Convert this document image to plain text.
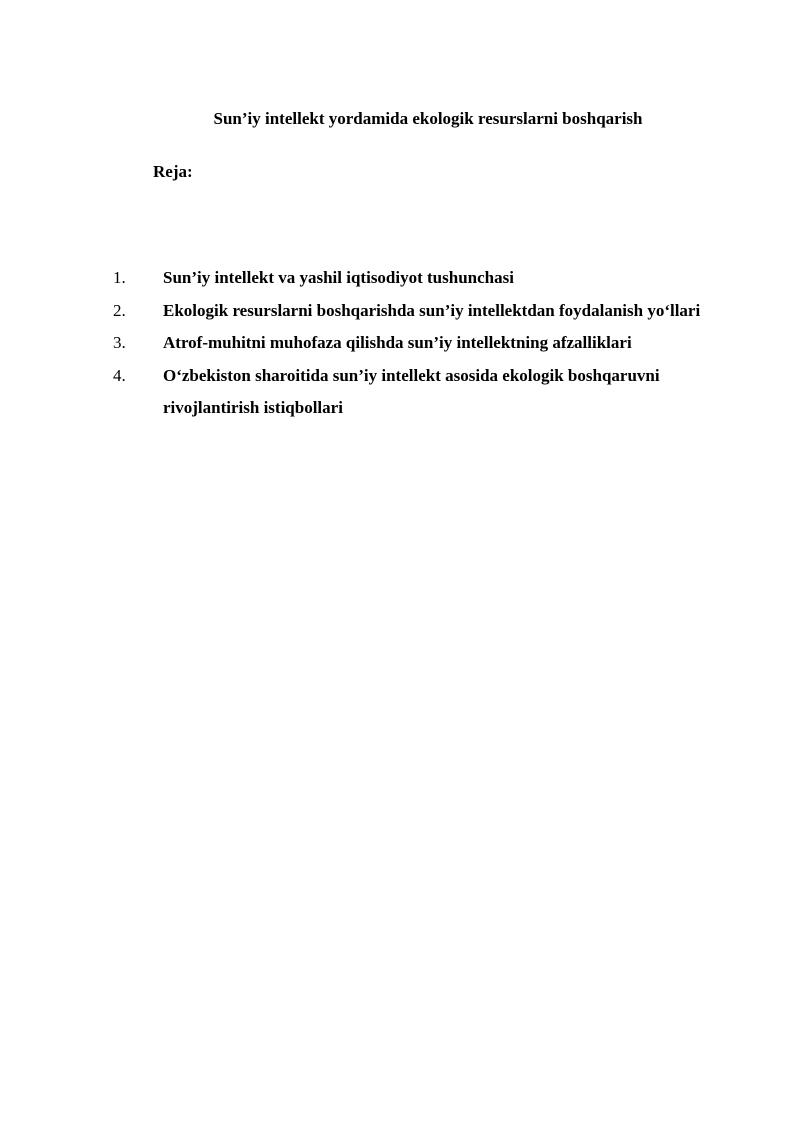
Sun’iy intellekt yordamida ekologik resurslarni boshqarish
Reja:
1.	Sun’iy intellekt va yashil iqtisodiyot tushunchasi
2.	Ekologik resurslarni boshqarishda sun’iy intellektdan foydalanish yo‘llari
3.	Atrof-muhitni muhofaza qilishda sun’iy intellektning afzalliklari
4.	O‘zbekiston sharoitida sun’iy intellekt asosida ekologik boshqaruvni rivojlantirish istiqbollari
